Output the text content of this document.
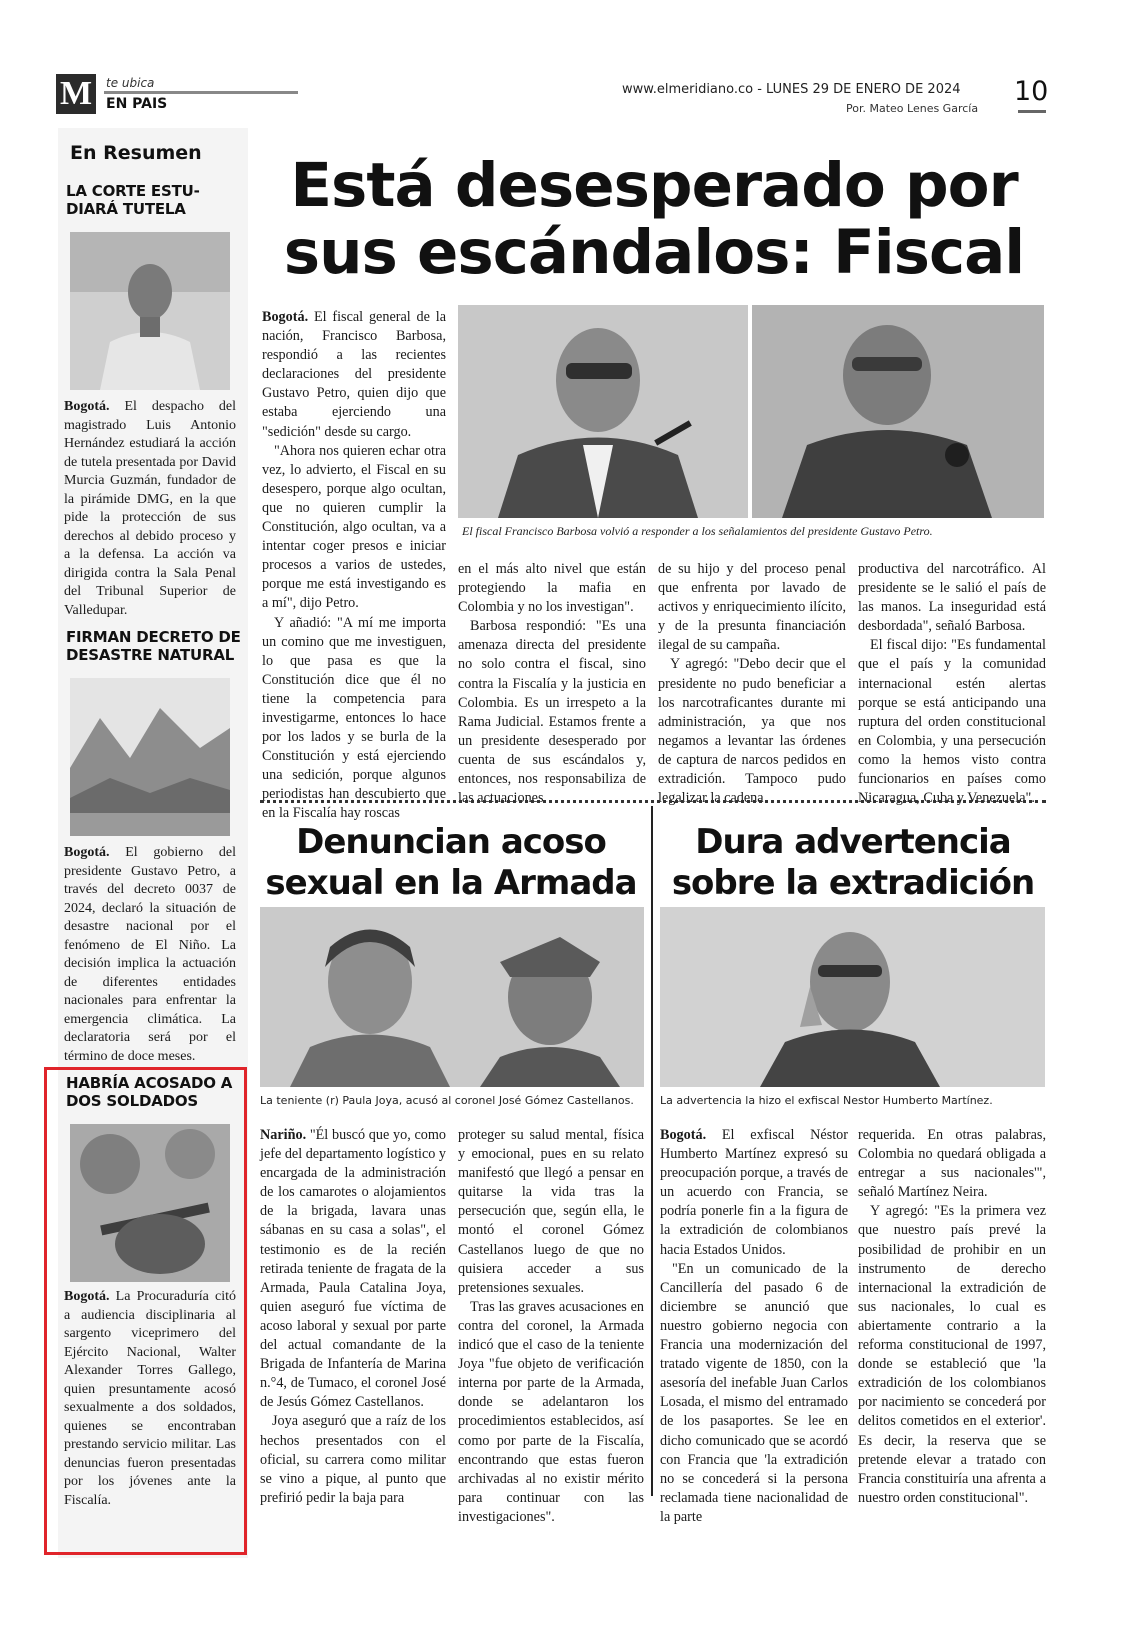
M	te ubica
EN PAIS
www.elmeridiano.co - LUNES 29 DE ENERO DE 2024
Por. Mateo Lenes García
10
En Resumen
LA CORTE ESTU-DIARÁ TUTELA
Bogotá. El despacho del magistrado Luis Antonio Hernández estudiará la acción de tutela presentada por David Murcia Guzmán, fundador de la pirámide DMG, en la que pide la protección de sus derechos al debido proceso y a la defensa. La acción va dirigida contra la Sala Penal del Tribunal Superior de Valledupar.
FIRMAN DECRETO DE DESASTRE NATURAL
Bogotá. El gobierno del presidente Gustavo Petro, a través del decreto 0037 de 2024, declaró la situación de desastre nacional por el fenómeno de El Niño. La decisión implica la actuación de diferentes entidades nacionales para enfrentar la emergencia climática. La declaratoria será por el término de doce meses.
HABRÍA ACOSADO A DOS SOLDADOS
Bogotá. La Procuraduría citó a audiencia disciplinaria al sargento viceprimero del Ejército Nacional, Walter Alexander Torres Gallego, quien presuntamente acosó sexualmente a dos soldados, quienes se encontraban prestando servicio militar. Las denuncias fueron presentadas por los jóvenes ante la Fiscalía.
Está desesperado por
sus escándalos: Fiscal

Bogotá. El fiscal general de la nación, Francisco Barbosa, respondió a las recientes declaraciones del presidente Gustavo Petro, quien dijo que estaba ejerciendo una "sedición" desde su cargo.

"Ahora nos quieren echar otra vez, lo advierto, el Fiscal en su desespero, porque algo ocultan, que no quieren cumplir la Constitución, algo ocultan, va a intentar coger presos e iniciar procesos a varios de ustedes, porque me está investigando es a mí", dijo Petro.

Y añadió: "A mí me importa un comino que me investiguen, lo que pasa es que la Constitución dice que él no tiene la competencia para investigarme, entonces lo hace por los lados y se burla de la Constitución y está ejerciendo una sedición, porque algunos periodistas han descubierto que en la Fiscalía hay roscas

El fiscal Francisco Barbosa volvió a responder a los señalamientos del presidente Gustavo Petro.

en el más alto nivel que están protegiendo la mafia en Colombia y no los investigan".

Barbosa respondió: "Es una amenaza directa del presidente no solo contra el fiscal, sino contra la Fiscalía y la justicia en Colombia. Es un irrespeto a la Rama Judicial. Estamos frente a un presidente desesperado por cuenta de sus escándalos y, entonces, nos responsabiliza de las actuaciones

de su hijo y del proceso penal que enfrenta por lavado de activos y enriquecimiento ilícito, y de la presunta financiación ilegal de su campaña.

Y agregó: "Debo decir que el presidente no pudo beneficiar a los narcotraficantes durante mi administración, ya que nos negamos a levantar las órdenes de captura de narcos pedidos en extradición. Tampoco pudo legalizar la cadena

productiva del narcotráfico. Al presidente se le salió el país de las manos. La inseguridad está desbordada", señaló Barbosa.

El fiscal dijo: "Es fundamental que el país y la comunidad internacional estén alertas porque se está anticipando una ruptura del orden constitucional en Colombia, y una persecución como la hemos visto contra funcionarios en países como Nicaragua, Cuba y Venezuela".

Denuncian acoso
sexual en la Armada
La teniente (r) Paula Joya, acusó al coronel José Gómez Castellanos.

Nariño. "Él buscó que yo, como jefe del departamento logístico y encargada de la administración de los camarotes o alojamientos de la brigada, lavara unas sábanas en su casa a solas", el testimonio es de la recién retirada teniente de fragata de la Armada, Paula Catalina Joya, quien aseguró fue víctima de acoso laboral y sexual por parte del actual comandante de la Brigada de Infantería de Marina n.°4, de Tumaco, el coronel José de Jesús Gómez Castellanos.

Joya aseguró que a raíz de los hechos presentados con el oficial, su carrera como militar se vino a pique, al punto que prefirió pedir la baja para

proteger su salud mental, física y emocional, pues en su relato manifestó que llegó a pensar en quitarse la vida tras la persecución que, según ella, le montó el coronel Gómez Castellanos luego de que no quisiera acceder a sus pretensiones sexuales.

Tras las graves acusaciones en contra del coronel, la Armada indicó que el caso de la teniente Joya "fue objeto de verificación interna por parte de la Armada, donde se adelantaron los procedimientos establecidos, así como por parte de la Fiscalía, encontrando que estas fueron archivadas al no existir mérito para continuar con las investigaciones".

Dura advertencia
sobre la extradición
La advertencia la hizo el exfiscal Nestor Humberto Martínez.

Bogotá. El exfiscal Néstor Humberto Martínez expresó su preocupación porque, a través de un acuerdo con Francia, se podría ponerle fin a la figura de la extradición de colombianos hacia Estados Unidos.

"En un comunicado de la Cancillería del pasado 6 de diciembre se anunció que nuestro gobierno negocia con Francia una modernización del tratado vigente de 1850, con la asesoría del inefable Juan Carlos Losada, el mismo del entramado de los pasaportes. Se lee en dicho comunicado que se acordó con Francia que 'la extradición no se concederá si la persona reclamada tiene nacionalidad de la parte

requerida. En otras palabras, Colombia no quedará obligada a entregar a sus nacionales'", señaló Martínez Neira.

Y agregó: "Es la primera vez que nuestro país prevé la posibilidad de prohibir en un instrumento de derecho internacional la extradición de sus nacionales, lo cual es abiertamente contrario a la reforma constitucional de 1997, donde se estableció que 'la extradición de los colombianos por nacimiento se concederá por delitos cometidos en el exterior'. Es decir, la reserva que se pretende elevar a tratado con Francia constituiría una afrenta a nuestro orden constitucional".
